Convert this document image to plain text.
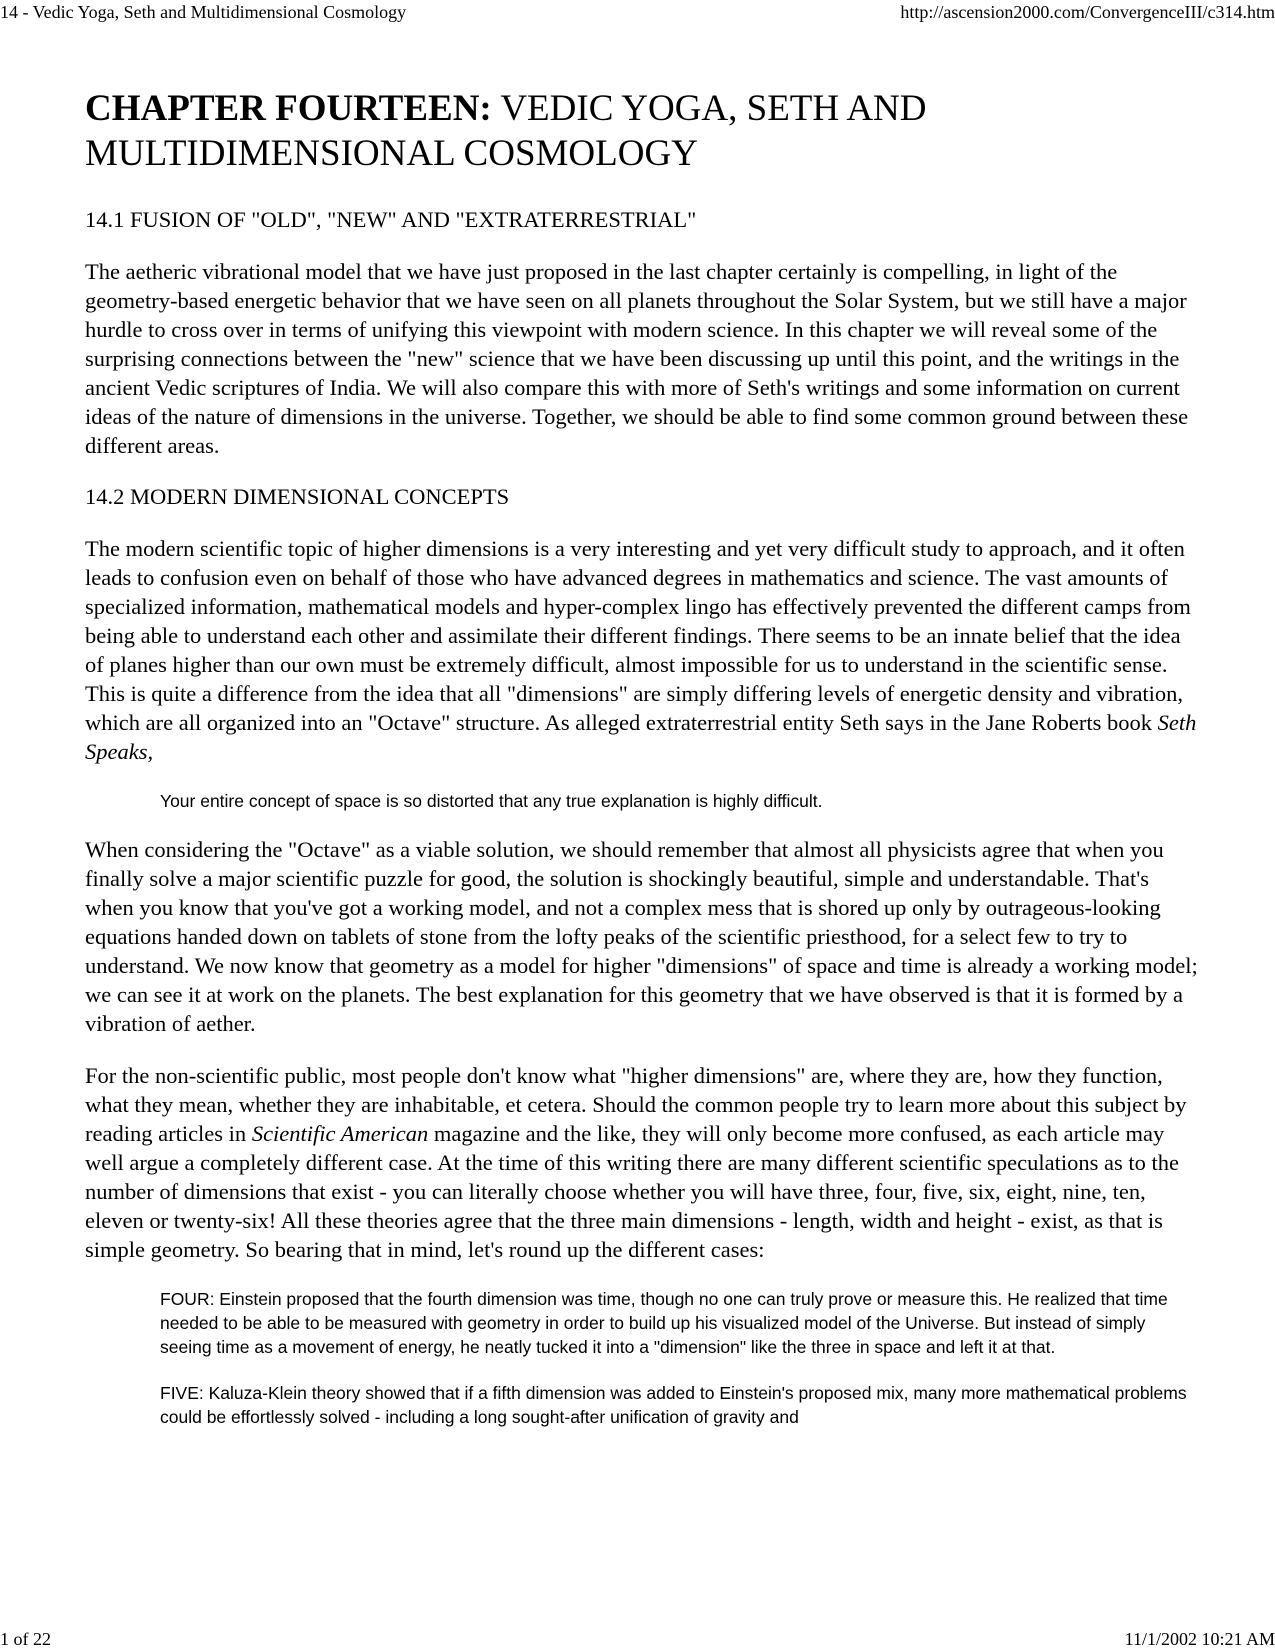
14 - Vedic Yoga, Seth and Multidimensional Cosmology	http://ascension2000.com/ConvergenceIII/c314.htm
CHAPTER FOURTEEN: VEDIC YOGA, SETH AND MULTIDIMENSIONAL COSMOLOGY
14.1 FUSION OF "OLD", "NEW" AND "EXTRATERRESTRIAL"

The aetheric vibrational model that we have just proposed in the last chapter certainly is compelling, in light of the geometry-based energetic behavior that we have seen on all planets throughout the Solar System, but we still have a major hurdle to cross over in terms of unifying this viewpoint with modern science. In this chapter we will reveal some of the surprising connections between the "new" science that we have been discussing up until this point, and the writings in the ancient Vedic scriptures of India. We will also compare this with more of Seth's writings and some information on current ideas of the nature of dimensions in the universe. Together, we should be able to find some common ground between these different areas.

14.2 MODERN DIMENSIONAL CONCEPTS

The modern scientific topic of higher dimensions is a very interesting and yet very difficult study to approach, and it often leads to confusion even on behalf of those who have advanced degrees in mathematics and science. The vast amounts of specialized information, mathematical models and hyper-complex lingo has effectively prevented the different camps from being able to understand each other and assimilate their different findings. There seems to be an innate belief that the idea of planes higher than our own must be extremely difficult, almost impossible for us to understand in the scientific sense. This is quite a difference from the idea that all "dimensions" are simply differing levels of energetic density and vibration, which are all organized into an "Octave" structure. As alleged extraterrestrial entity Seth says in the Jane Roberts book Seth Speaks,

Your entire concept of space is so distorted that any true explanation is highly difficult.

When considering the "Octave" as a viable solution, we should remember that almost all physicists agree that when you finally solve a major scientific puzzle for good, the solution is shockingly beautiful, simple and understandable. That's when you know that you've got a working model, and not a complex mess that is shored up only by outrageous-looking equations handed down on tablets of stone from the lofty peaks of the scientific priesthood, for a select few to try to understand. We now know that geometry as a model for higher "dimensions" of space and time is already a working model; we can see it at work on the planets. The best explanation for this geometry that we have observed is that it is formed by a vibration of aether.

For the non-scientific public, most people don't know what "higher dimensions" are, where they are, how they function, what they mean, whether they are inhabitable, et cetera. Should the common people try to learn more about this subject by reading articles in Scientific American magazine and the like, they will only become more confused, as each article may well argue a completely different case. At the time of this writing there are many different scientific speculations as to the number of dimensions that exist - you can literally choose whether you will have three, four, five, six, eight, nine, ten, eleven or twenty-six! All these theories agree that the three main dimensions - length, width and height - exist, as that is simple geometry. So bearing that in mind, let's round up the different cases:

FOUR: Einstein proposed that the fourth dimension was time, though no one can truly prove or measure this. He realized that time needed to be able to be measured with geometry in order to build up his visualized model of the Universe. But instead of simply seeing time as a movement of energy, he neatly tucked it into a "dimension" like the three in space and left it at that.
FIVE: Kaluza-Klein theory showed that if a fifth dimension was added to Einstein's proposed mix, many more mathematical problems could be effortlessly solved - including a long sought-after unification of gravity and
1 of 22	11/1/2002 10:21 AM
